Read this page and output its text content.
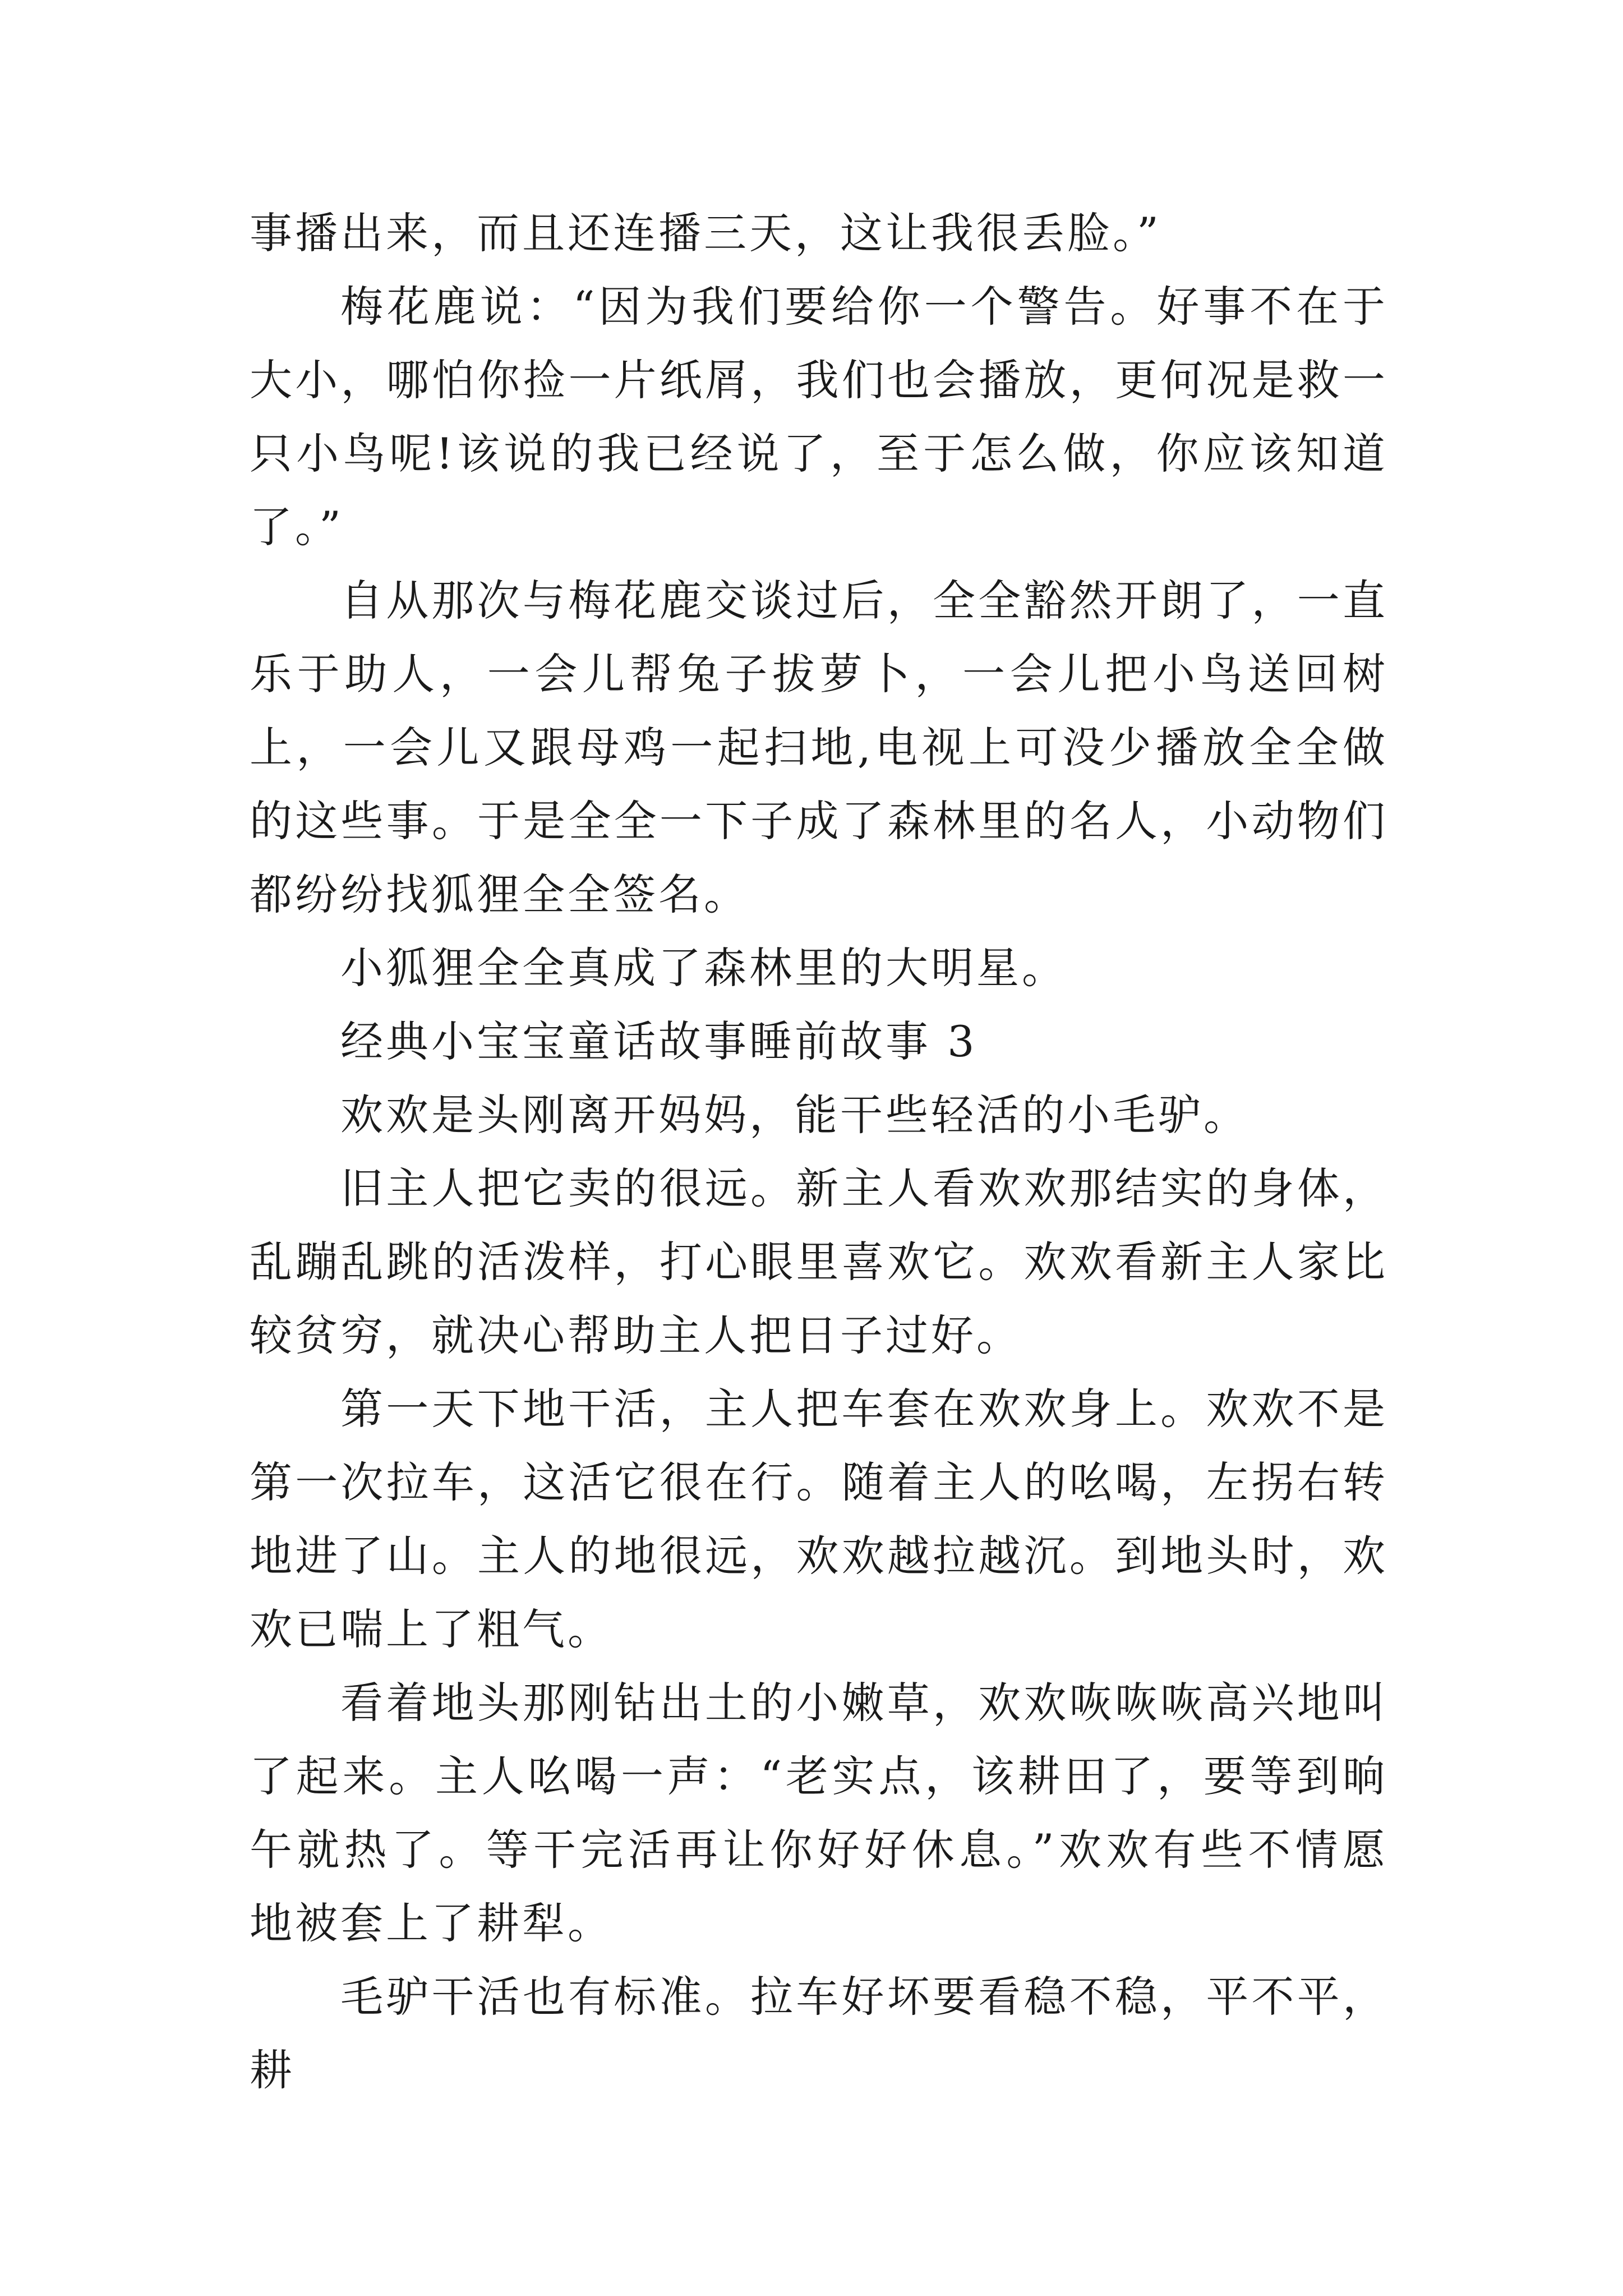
事播出来，而且还连播三天，这让我很丢脸。”

梅花鹿说：“因为我们要给你一个警告。好事不在于大小，哪怕你捡一片纸屑，我们也会播放，更何况是救一只小鸟呢!该说的我已经说了，至于怎么做，你应该知道了。”

自从那次与梅花鹿交谈过后，全全豁然开朗了，一直乐于助人，一会儿帮兔子拔萝卜，一会儿把小鸟送回树上，一会儿又跟母鸡一起扫地,电视上可没少播放全全做的这些事。于是全全一下子成了森林里的名人，小动物们都纷纷找狐狸全全签名。

小狐狸全全真成了森林里的大明星。

经典小宝宝童话故事睡前故事 3

欢欢是头刚离开妈妈，能干些轻活的小毛驴。

旧主人把它卖的很远。新主人看欢欢那结实的身体，乱蹦乱跳的活泼样，打心眼里喜欢它。欢欢看新主人家比较贫穷，就决心帮助主人把日子过好。

第一天下地干活，主人把车套在欢欢身上。欢欢不是第一次拉车，这活它很在行。随着主人的吆喝，左拐右转地进了山。主人的地很远，欢欢越拉越沉。到地头时，欢欢已喘上了粗气。

看着地头那刚钻出土的小嫩草，欢欢咴咴咴高兴地叫了起来。主人吆喝一声：“老实点，该耕田了，要等到晌午就热了。等干完活再让你好好休息。”欢欢有些不情愿地被套上了耕犁。

毛驴干活也有标准。拉车好坏要看稳不稳，平不平，耕
